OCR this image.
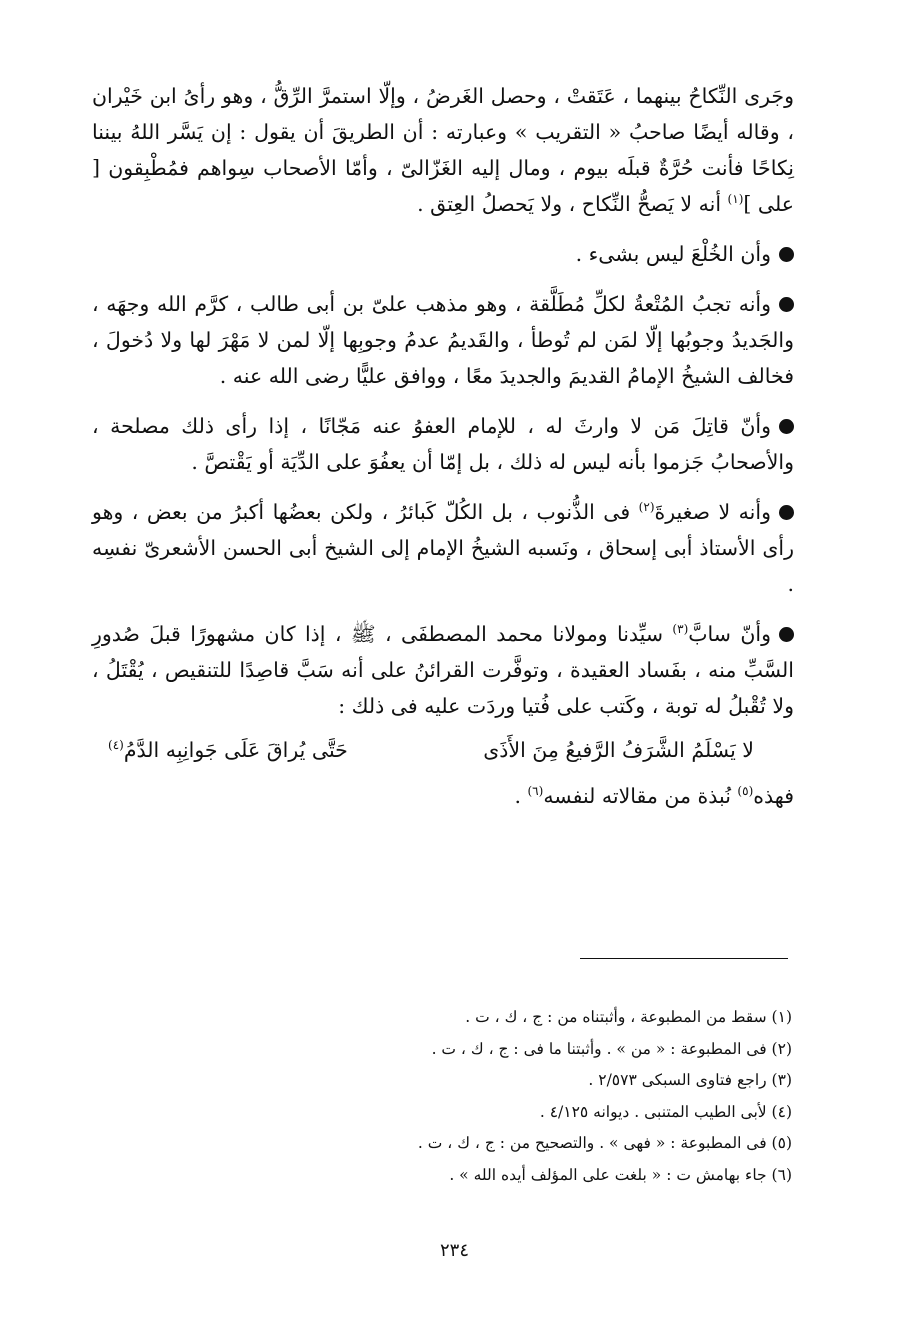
وجَرى النِّكاحُ بينهما ، عَتَقتْ ، وحصل الغَرضُ ، وإلّا استمرَّ الرِّقُّ ، وهو رأىُ ابن خَيْران ، وقاله أيضًا صاحبُ « التقريب » وعبارته : أن الطريقَ أن يقول : إن يَسَّر اللهُ بيننا نِكاحًا فأنت حُرَّةٌ قبلَه بيوم ، ومال إليه الغَزّالىّ ، وأمّا الأصحاب سِواهم فمُطْبِقون [ على ]$^{(١)}$ أنه لا يَصحُّ النِّكاح ، ولا يَحصلُ العِتق .

وأن الخُلْعَ ليس بشىء .

وأنه تجبُ المُتْعةُ لكلِّ مُطَلَّقة ، وهو مذهب علىّ بن أبى طالب ، كرَّم الله وجهَه ، والجَديدُ وجوبُها إلّا لمَن لم تُوطأ ، والقَديمُ عدمُ وجوبِها إلّا لمن لا مَهْرَ لها ولا دُخولَ ، فخالف الشيخُ الإمامُ القديمَ والجديدَ معًا ، ووافق عليًّا رضى الله عنه .

وأنّ قاتِلَ مَن لا وارثَ له ، للإمام العفوُ عنه مَجّانًا ، إذا رأى ذلك مصلحة ، والأصحابُ جَزموا بأنه ليس له ذلك ، بل إمّا أن يعفُوَ على الدِّيَة أو يَقْتصَّ .

وأنه لا صغيرةَ$^{(٢)}$ فى الذُّنوب ، بل الكُلّ كَبائرُ ، ولكن بعضُها أكبرُ من بعض ، وهو رأى الأستاذ أبى إسحاق ، ونَسبه الشيخُ الإمام إلى الشيخ أبى الحسن الأشعرىّ نفسِه .

وأنّ سابَّ$^{(٣)}$ سيِّدنا ومولانا محمد المصطفَى ، ﷺ ، إذا كان مشهورًا قبلَ صُدورِ السَّبِّ منه ، بفَساد العقيدة ، وتوفَّرت القرائنُ على أنه سَبَّ قاصِدًا للتنقيص ، يُقْتَلُ ، ولا تُقْبلُ له توبة ، وكَتب على فُتيا وردَت عليه فى ذلك :

لا يَسْلَمُ الشَّرَفُ الرَّفيعُ مِنَ الأَذَى
حَتَّى يُراقَ عَلَى جَوانِبِه الدَّمُ$^{(٤)}$

فهذه$^{(٥)}$ نُبذة من مقالاته لنفسه$^{(٦)}$ .

(١) سقط من المطبوعة ، وأثبتناه من : ج ، ك ، ت .

(٢) فى المطبوعة : « من » . وأثبتنا ما فى : ج ، ك ، ت .

(٣) راجع فتاوى السبكى ٢/٥٧٣ .

(٤) لأبى الطيب المتنبى . ديوانه ٤/١٢٥ .

(٥) فى المطبوعة : « فهى » . والتصحيح من : ج ، ك ، ت .

(٦) جاء بهامش ت : « بلغت على المؤلف أيده الله » .

٢٣٤
